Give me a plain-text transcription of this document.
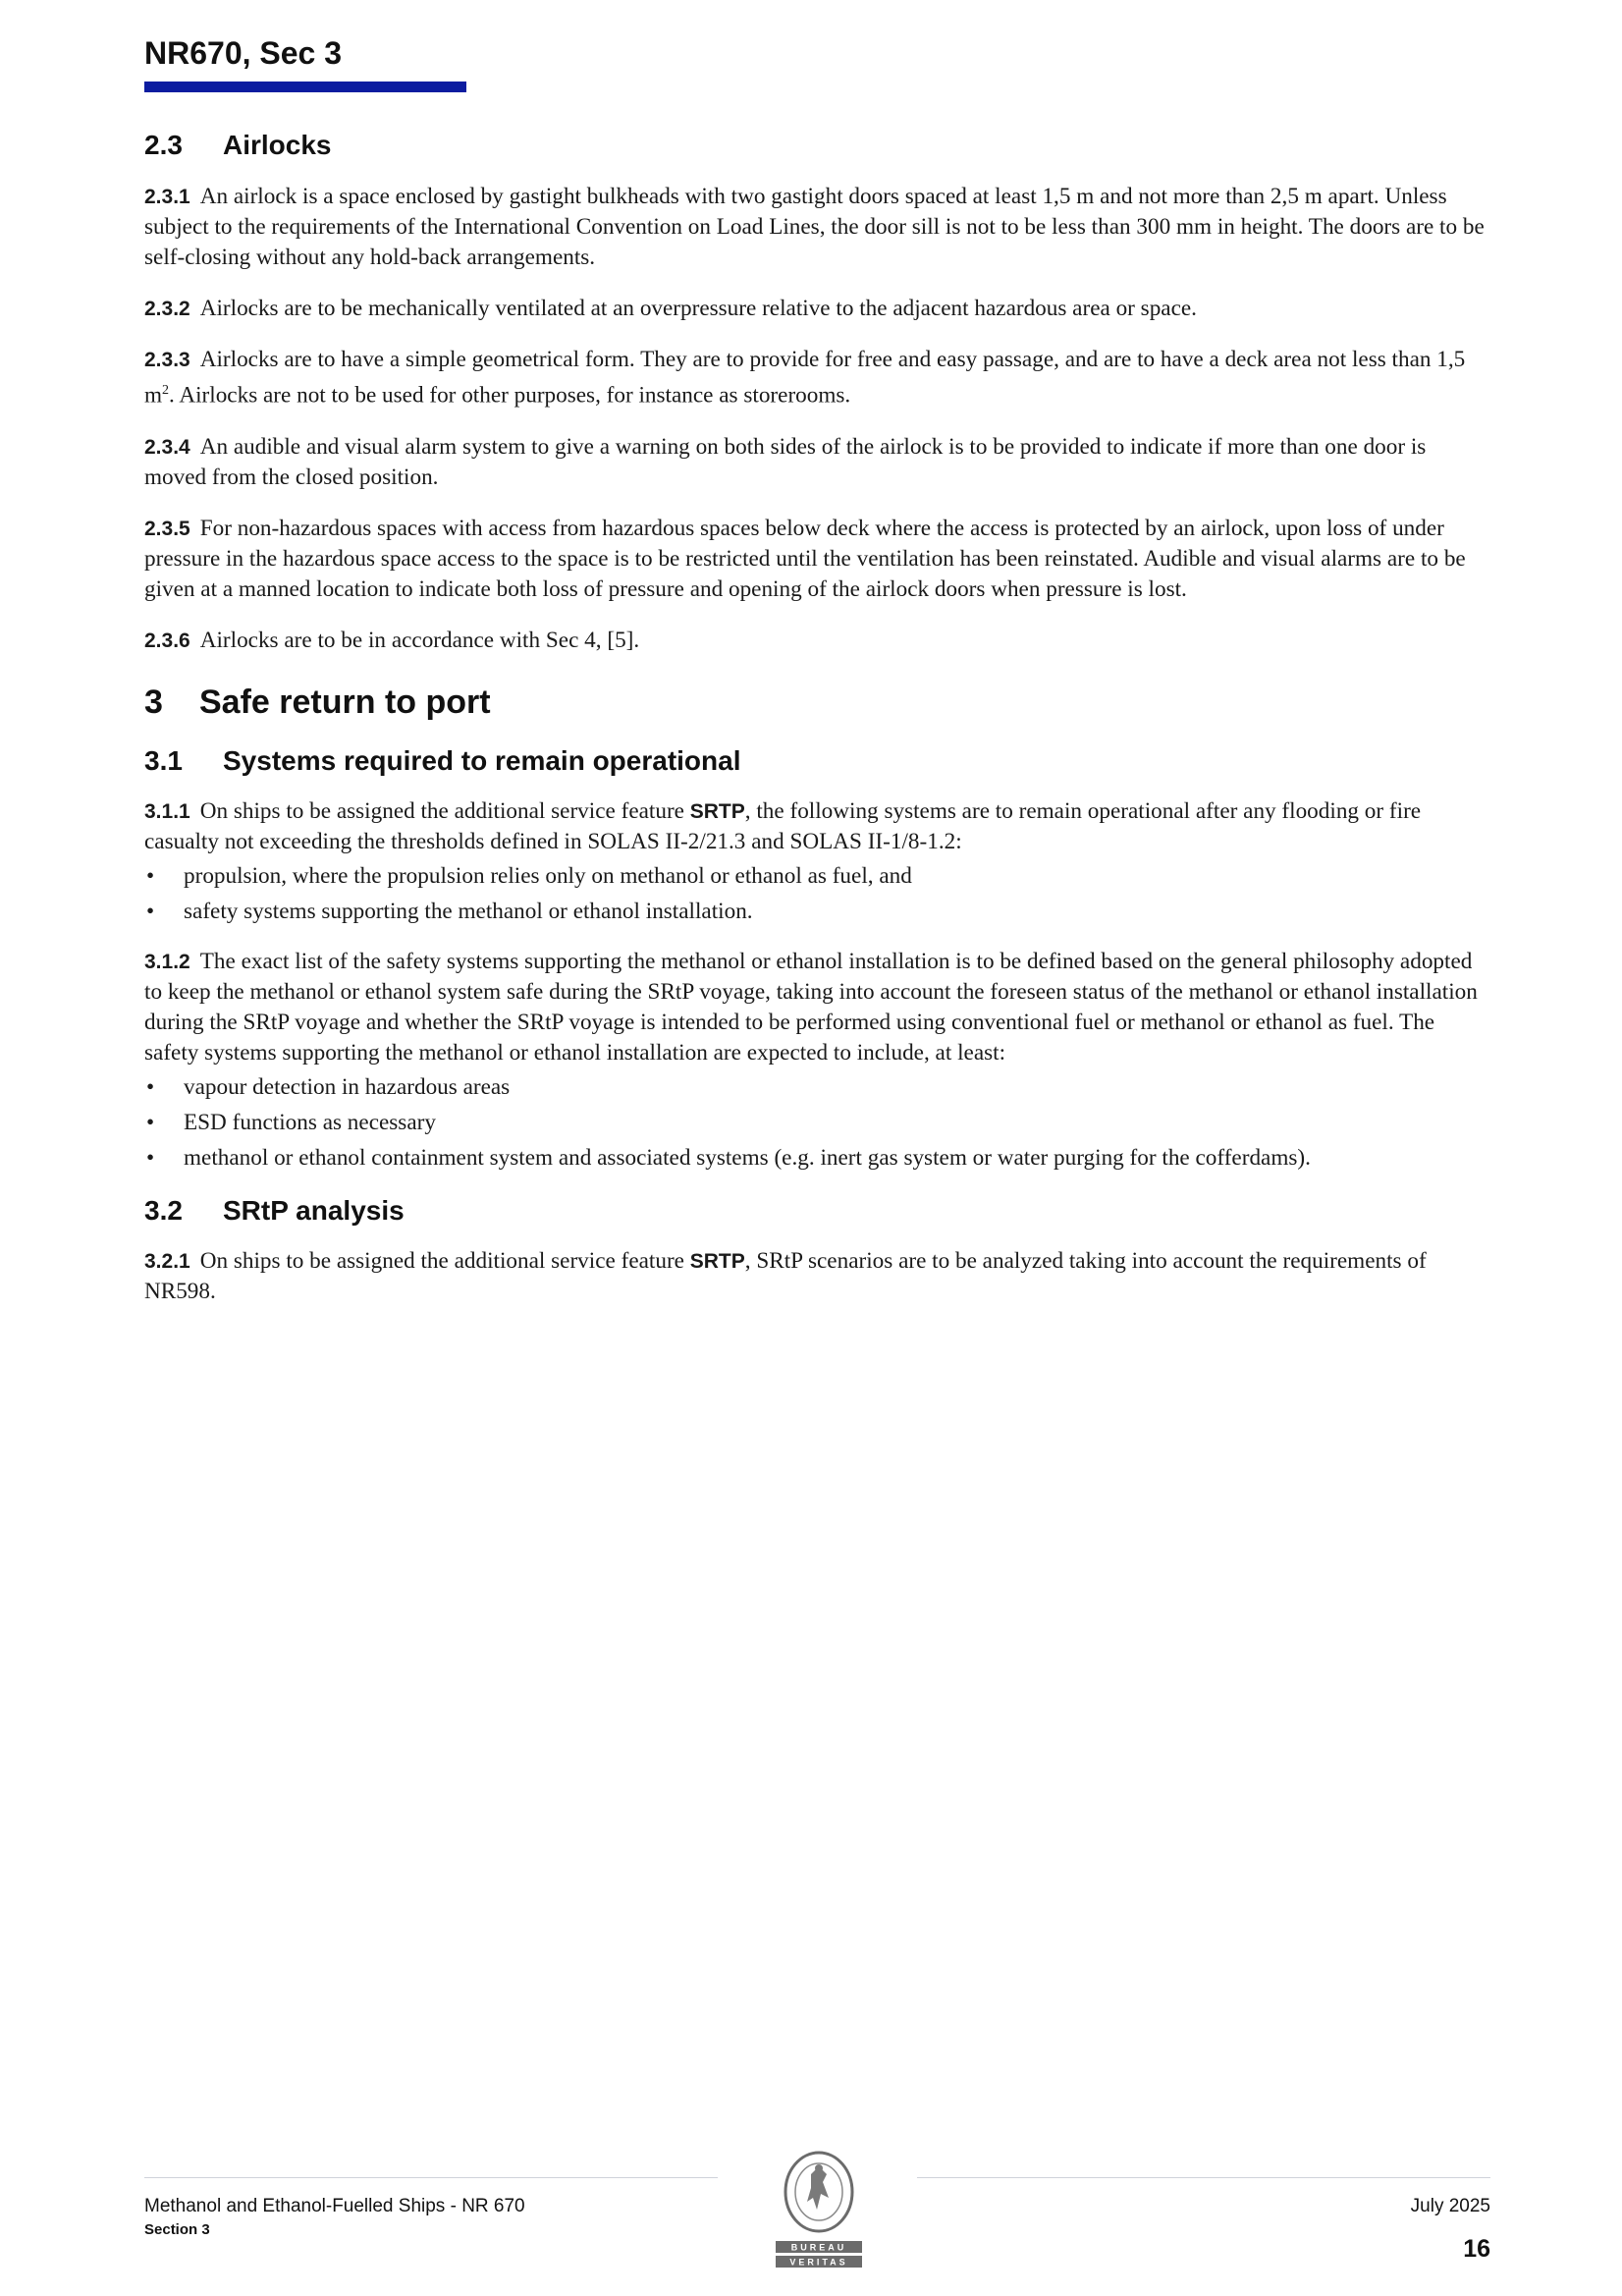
NR670, Sec 3
2.3	Airlocks

2.3.1 An airlock is a space enclosed by gastight bulkheads with two gastight doors spaced at least 1,5 m and not more than 2,5 m apart. Unless subject to the requirements of the International Convention on Load Lines, the door sill is not to be less than 300 mm in height. The doors are to be self-closing without any hold-back arrangements.

2.3.2 Airlocks are to be mechanically ventilated at an overpressure relative to the adjacent hazardous area or space.

2.3.3 Airlocks are to have a simple geometrical form. They are to provide for free and easy passage, and are to have a deck area not less than 1,5 $m^2$. Airlocks are not to be used for other purposes, for instance as storerooms.

2.3.4 An audible and visual alarm system to give a warning on both sides of the airlock is to be provided to indicate if more than one door is moved from the closed position.

2.3.5 For non-hazardous spaces with access from hazardous spaces below deck where the access is protected by an airlock, upon loss of under pressure in the hazardous space access to the space is to be restricted until the ventilation has been reinstated. Audible and visual alarms are to be given at a manned location to indicate both loss of pressure and opening of the airlock doors when pressure is lost.

2.3.6 Airlocks are to be in accordance with Sec 4, [5].

3	Safe return to port
3.1	Systems required to remain operational

3.1.1 On ships to be assigned the additional service feature SRTP, the following systems are to remain operational after any flooding or fire casualty not exceeding the thresholds defined in SOLAS II-2/21.3 and SOLAS II-1/8-1.2:

• propulsion, where the propulsion relies only on methanol or ethanol as fuel, and
• safety systems supporting the methanol or ethanol installation.

3.1.2 The exact list of the safety systems supporting the methanol or ethanol installation is to be defined based on the general philosophy adopted to keep the methanol or ethanol system safe during the SRtP voyage, taking into account the foreseen status of the methanol or ethanol installation during the SRtP voyage and whether the SRtP voyage is intended to be performed using conventional fuel or methanol or ethanol as fuel. The safety systems supporting the methanol or ethanol installation are expected to include, at least:

• vapour detection in hazardous areas
• ESD functions as necessary
• methanol or ethanol containment system and associated systems (e.g. inert gas system or water purging for the cofferdams).
3.2	SRtP analysis

3.2.1 On ships to be assigned the additional service feature SRTP, SRtP scenarios are to be analyzed taking into account the requirements of NR598.

Methanol and Ethanol-Fuelled Ships - NR 670
Section 3
July 2025
16
BUREAU
VERITAS
